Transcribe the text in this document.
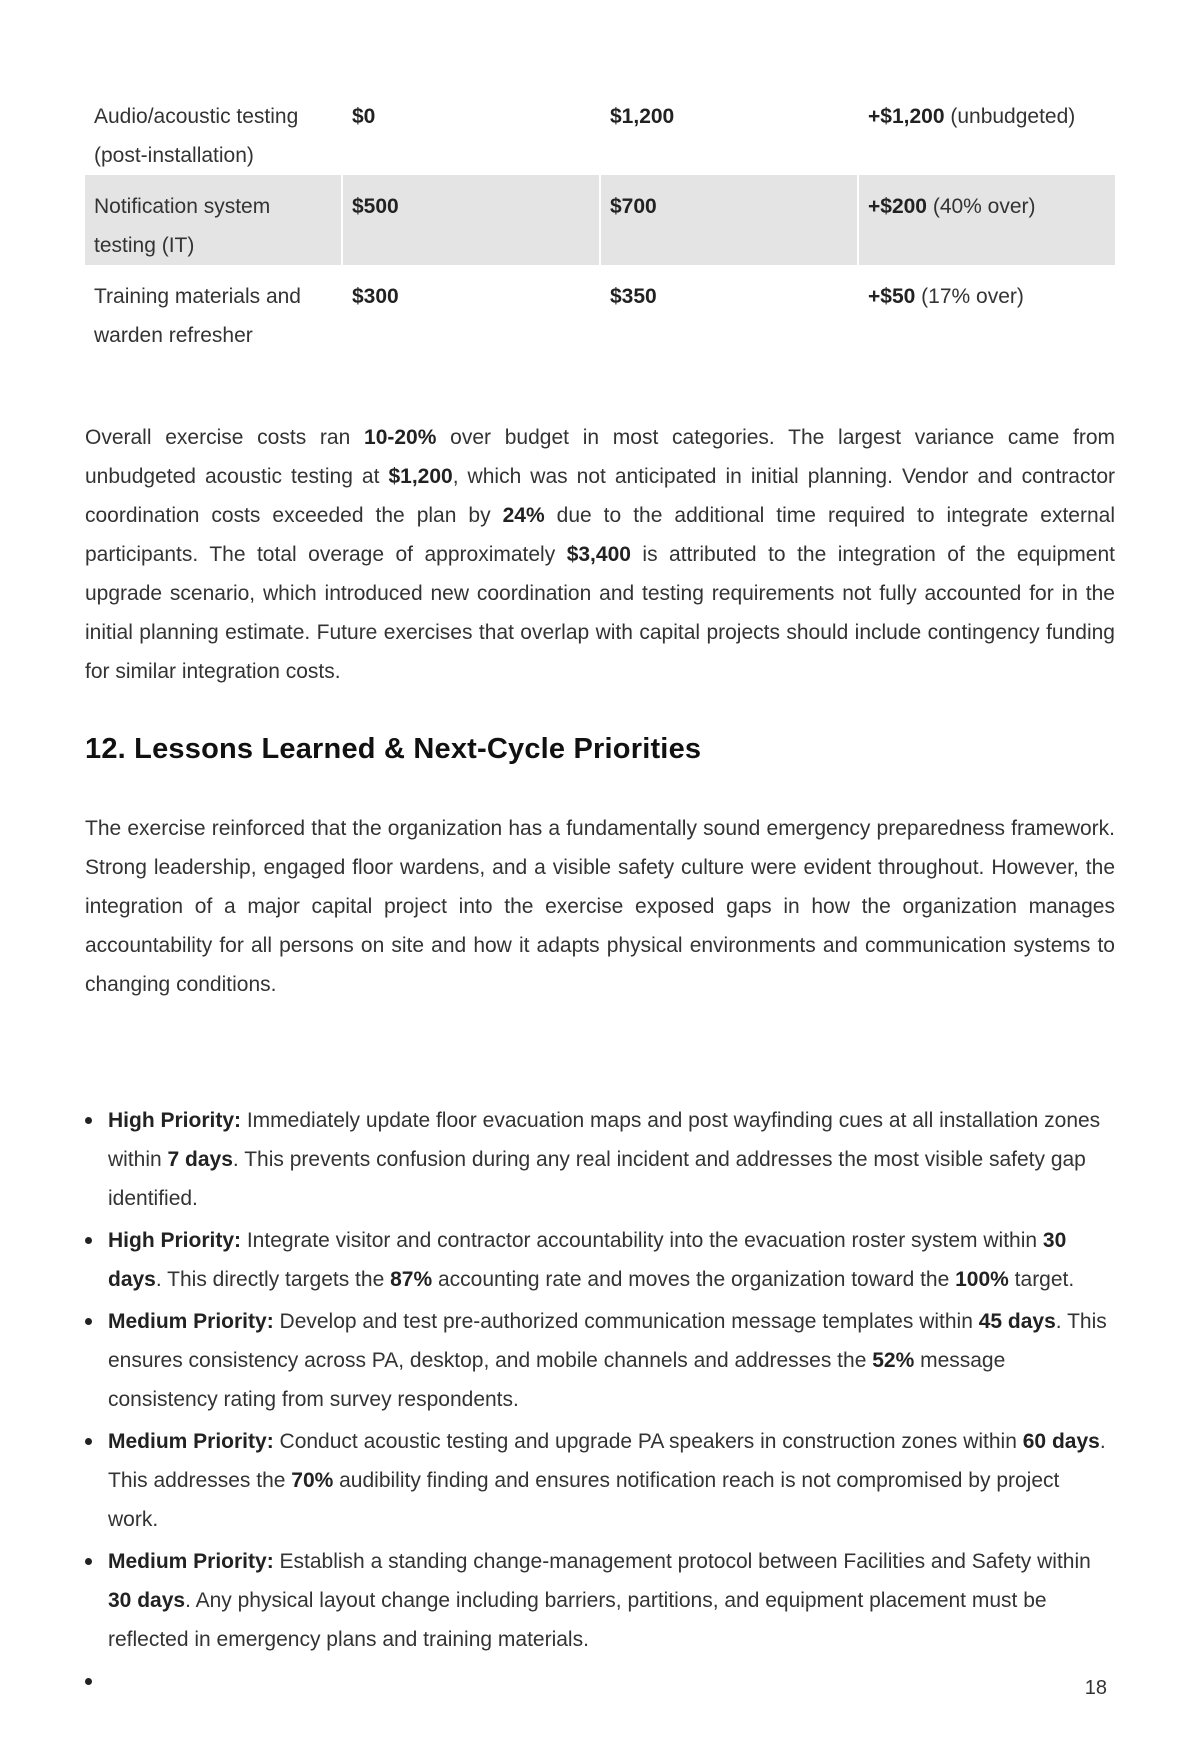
Audio/acoustic testing (post-installation)	$0	$1,200	+$1,200 (unbudgeted)
Notification system testing (IT)	$500	$700	+$200 (40% over)
Training materials and warden refresher	$300	$350	+$50 (17% over)

Overall exercise costs ran 10-20% over budget in most categories. The largest variance came from unbudgeted acoustic testing at $1,200, which was not anticipated in initial planning. Vendor and contractor coordination costs exceeded the plan by 24% due to the additional time required to integrate external participants. The total overage of approximately $3,400 is attributed to the integration of the equipment upgrade scenario, which introduced new coordination and testing requirements not fully accounted for in the initial planning estimate. Future exercises that overlap with capital projects should include contingency funding for similar integration costs.

12. Lessons Learned & Next-Cycle Priorities

The exercise reinforced that the organization has a fundamentally sound emergency preparedness framework. Strong leadership, engaged floor wardens, and a visible safety culture were evident throughout. However, the integration of a major capital project into the exercise exposed gaps in how the organization manages accountability for all persons on site and how it adapts physical environments and communication systems to changing conditions.

High Priority: Immediately update floor evacuation maps and post wayfinding cues at all installation zones within 7 days. This prevents confusion during any real incident and addresses the most visible safety gap identified.
High Priority: Integrate visitor and contractor accountability into the evacuation roster system within 30 days. This directly targets the 87% accounting rate and moves the organization toward the 100% target.
Medium Priority: Develop and test pre-authorized communication message templates within 45 days. This ensures consistency across PA, desktop, and mobile channels and addresses the 52% message consistency rating from survey respondents.
Medium Priority: Conduct acoustic testing and upgrade PA speakers in construction zones within 60 days. This addresses the 70% audibility finding and ensures notification reach is not compromised by project work.
Medium Priority: Establish a standing change-management protocol between Facilities and Safety within 30 days. Any physical layout change including barriers, partitions, and equipment placement must be reflected in emergency plans and training materials.

18
